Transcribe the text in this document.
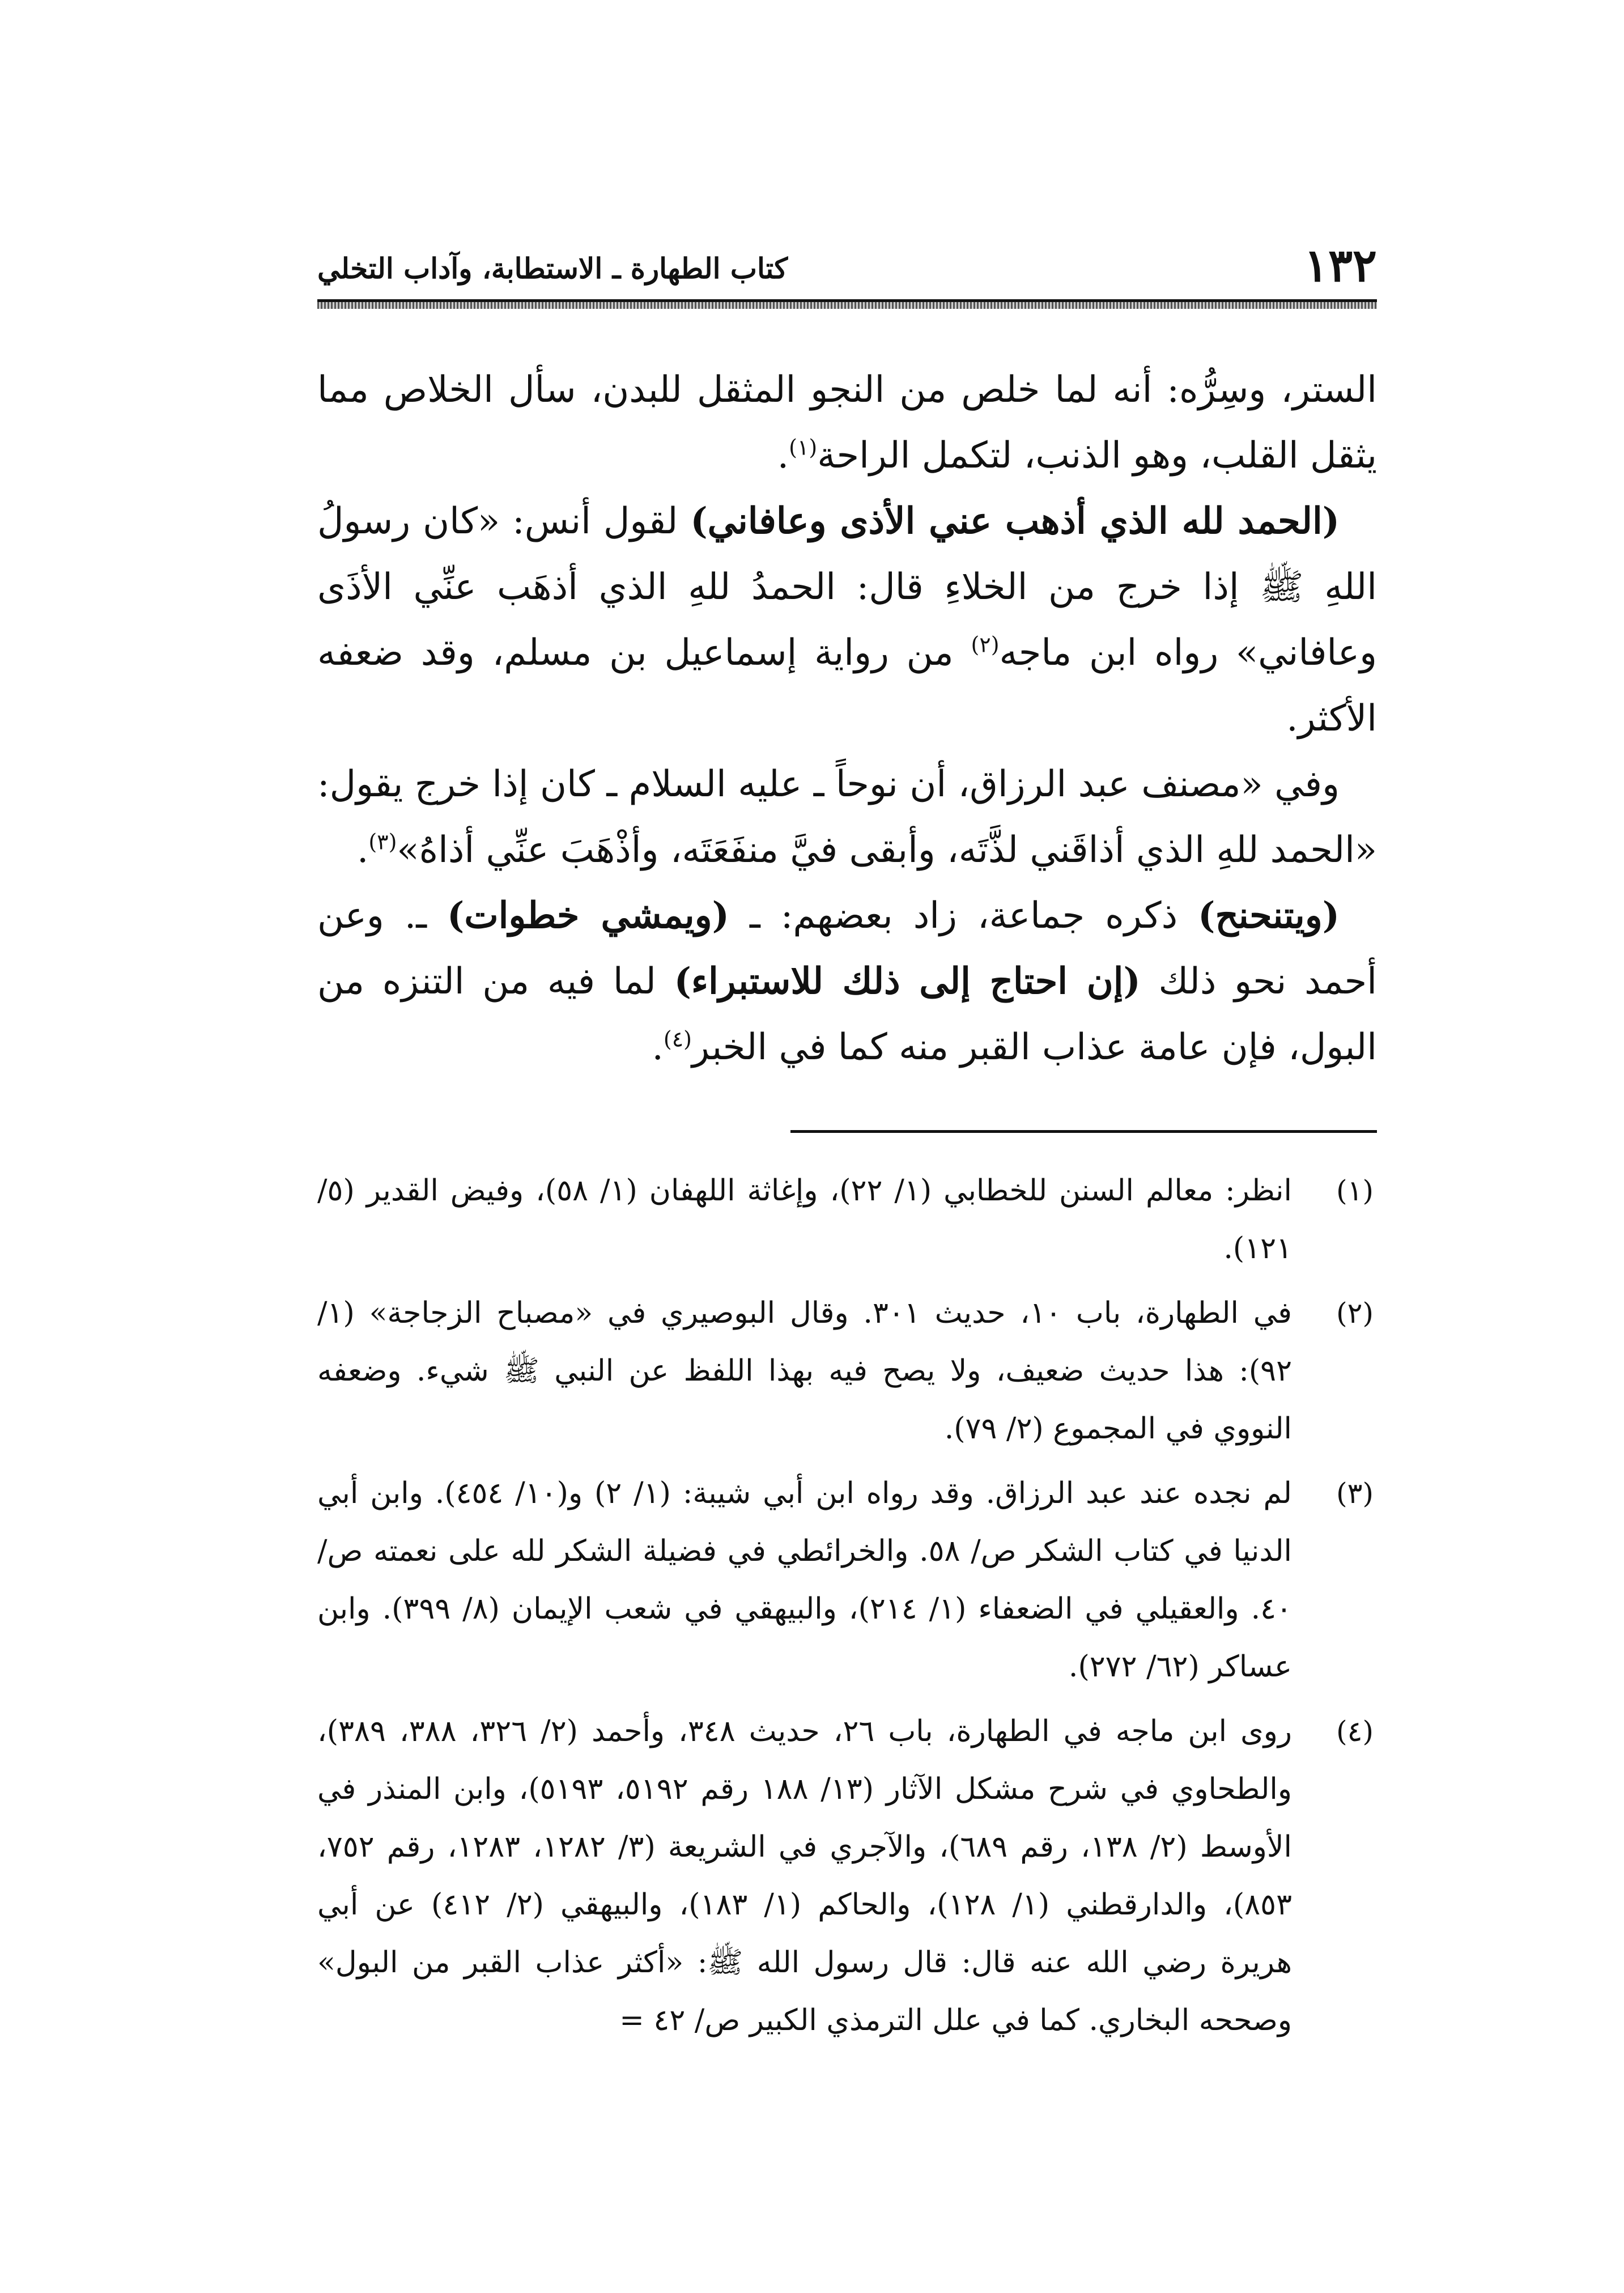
كتاب الطهارة ـ الاستطابة، وآداب التخلي	١٣٢

الستر، وسِرُّه: أنه لما خلص من النجو المثقل للبدن، سأل الخلاص مما يثقل القلب، وهو الذنب، لتكمل الراحة$^{(١)}$.

(الحمد لله الذي أذهب عني الأذى وعافاني) لقول أنس: «كان رسولُ اللهِ ﷺ إذا خرج من الخلاءِ قال: الحمدُ للهِ الذي أذهَب عنِّي الأذَى وعافاني» رواه ابن ماجه$^{(٢)}$ من رواية إسماعيل بن مسلم، وقد ضعفه الأكثر.

وفي «مصنف عبد الرزاق، أن نوحاً ـ عليه السلام ـ كان إذا خرج يقول: «الحمد للهِ الذي أذاقَني لذَّتَه، وأبقى فيَّ منفَعَتَه، وأذْهَبَ عنِّي أذاهُ»$^{(٣)}$.

(ويتنحنح) ذكره جماعة، زاد بعضهم: ـ (ويمشي خطوات) ـ. وعن أحمد نحو ذلك (إن احتاج إلى ذلك للاستبراء) لما فيه من التنزه من البول، فإن عامة عذاب القبر منه كما في الخبر$^{(٤)}$.

(١)
انظر: معالم السنن للخطابي (١/ ٢٢)، وإغاثة اللهفان (١/ ٥٨)، وفيض القدير (٥/ ١٢١).

(٢)
في الطهارة، باب ١٠، حديث ٣٠١. وقال البوصيري في «مصباح الزجاجة» (١/ ٩٢): هذا حديث ضعيف، ولا يصح فيه بهذا اللفظ عن النبي ﷺ شيء. وضعفه النووي في المجموع (٢/ ٧٩).

(٣)
لم نجده عند عبد الرزاق. وقد رواه ابن أبي شيبة: (١/ ٢) و(١٠/ ٤٥٤). وابن أبي الدنيا في كتاب الشكر ص/ ٥٨. والخرائطي في فضيلة الشكر لله على نعمته ص/ ٤٠. والعقيلي في الضعفاء (١/ ٢١٤)، والبيهقي في شعب الإيمان (٨/ ٣٩٩). وابن عساكر (٦٢/ ٢٧٢).

(٤)
روى ابن ماجه في الطهارة، باب ٢٦، حديث ٣٤٨، وأحمد (٢/ ٣٢٦، ٣٨٨، ٣٨٩)، والطحاوي في شرح مشكل الآثار (١٣/ ١٨٨ رقم ٥١٩٢، ٥١٩٣)، وابن المنذر في الأوسط (٢/ ١٣٨، رقم ٦٨٩)، والآجري في الشريعة (٣/ ١٢٨٢، ١٢٨٣، رقم ٧٥٢، ٨٥٣)، والدارقطني (١/ ١٢٨)، والحاكم (١/ ١٨٣)، والبيهقي (٢/ ٤١٢) عن أبي هريرة رضي الله عنه قال: قال رسول الله ﷺ: «أكثر عذاب القبر من البول» وصححه البخاري. كما في علل الترمذي الكبير ص/ ٤٢ =
